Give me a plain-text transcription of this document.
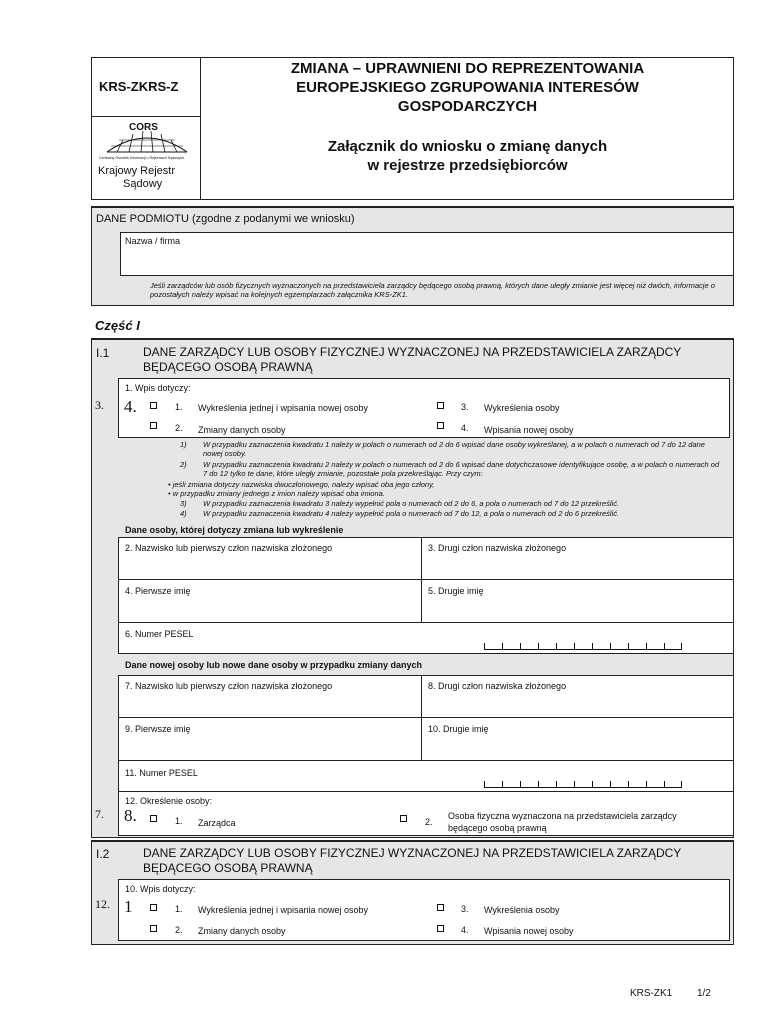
KRS-ZKRS-Z
CORS
Centralny Ośrodek Informacji o Rejestrach Sądowych
Krajowy Rejestr
Sądowy
ZMIANA – UPRAWNIENI DO REPREZENTOWANIA
EUROPEJSKIEGO ZGRUPOWANIA INTERESÓW
GOSPODARCZYCH
Załącznik do wniosku o zmianę danych
w rejestrze przedsiębiorców
DANE PODMIOTU (zgodne z podanymi we wniosku)
Nazwa / firma
Jeśli zarządców lub osób fizycznych wyznaczonych na przedstawiciela zarządcy będącego osobą prawną, których dane uległy zmianie jest więcej niż dwóch, informacje o pozostałych należy wpisać na kolejnych egzemplarzach załącznika KRS-ZK1.
Część I
I.1	DANE ZARZĄDCY LUB OSOBY FIZYCZNEJ WYZNACZONEJ NA PRZEDSTAWICIELA ZARZĄDCY
BĘDĄCEGO OSOBĄ PRAWNĄ
3.
1. Wpis dotyczy:
4.	1. Wykreślenia jednej i wpisania nowej osoby
2. Zmiany danych osoby
3. Wykreślenia osoby
4. Wpisania nowej osoby
1) W przypadku zaznaczenia kwadratu 1 należy w polach o numerach od 2 do 6 wpisać dane osoby wykreślanej, a w polach o numerach od 7 do 12 dane nowej osoby.
2) W przypadku zaznaczenia kwadratu 2 należy w polach o numerach od 2 do 6 wpisać dane dotychczasowe identyfikujące osobę, a w polach o numerach od 7 do 12 tylko te dane, które uległy zmianie, pozostałe pola przekreślając. Przy czym:
• jeśli zmiana dotyczy nazwiska dwuczłonowego, należy wpisać oba jego człony,
• w przypadku zmiany jednego z imion należy wpisać oba imiona.
3) W przypadku zaznaczenia kwadratu 3 należy wypełnić pola o numerach od 2 do 6, a pola o numerach od 7 do 12 przekreślić.
4) W przypadku zaznaczenia kwadratu 4 należy wypełnić pola o numerach od 7 do 12, a pola o numerach od 2 do 6 przekreślić.
Dane osoby, której dotyczy zmiana lub wykreślenie
2. Nazwisko lub pierwszy człon nazwiska złożonego	3. Drugi człon nazwiska złożonego
4. Pierwsze imię	5. Drugie imię
6. Numer PESEL
Dane nowej osoby lub nowe dane osoby w przypadku zmiany danych
7. Nazwisko lub pierwszy człon nazwiska złożonego	8. Drugi człon nazwiska złożonego
9. Pierwsze imię	10. Drugie imię
11. Numer PESEL
7.
12. Określenie osoby:
8.	1. Zarządca	2.
Osoba fizyczna wyznaczona na przedstawiciela zarządcy
będącego osobą prawną
I.2	DANE ZARZĄDCY LUB OSOBY FIZYCZNEJ WYZNACZONEJ NA PRZEDSTAWICIELA ZARZĄDCY
BĘDĄCEGO OSOBĄ PRAWNĄ
12.
10. Wpis dotyczy:
1	1. Wykreślenia jednej i wpisania nowej osoby
2. Zmiany danych osoby
3. Wykreślenia osoby
4. Wpisania nowej osoby
KRS-ZK1 1/2
